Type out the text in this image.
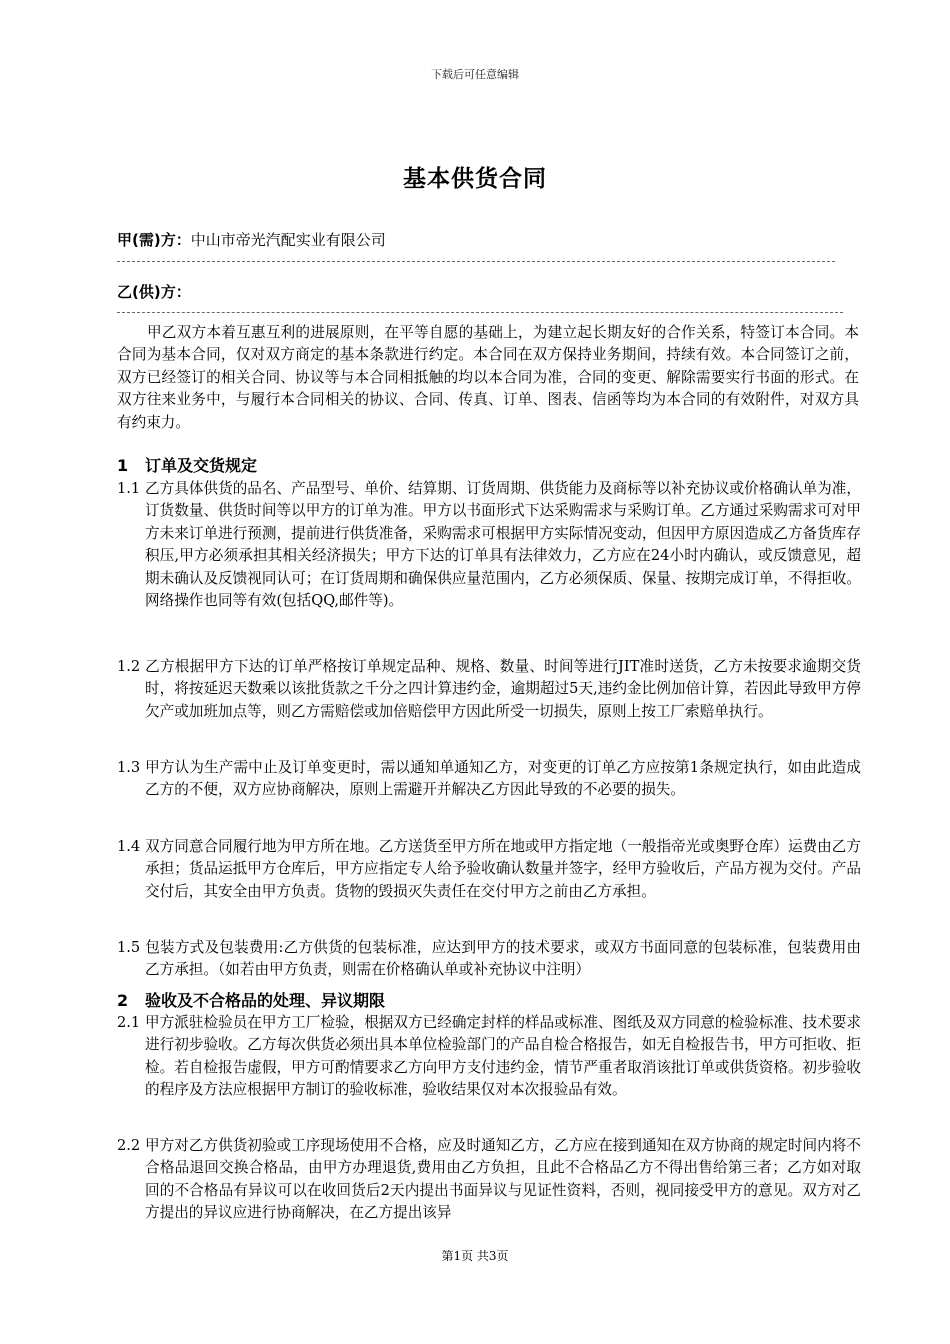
下载后可任意编辑
基本供货合同
甲(需)方：中山市帝光汽配实业有限公司
乙(供)方：
甲乙双方本着互惠互利的进展原则，在平等自愿的基础上，为建立起长期友好的合作关系，特签订本合同。本合同为基本合同，仅对双方商定的基本条款进行约定。本合同在双方保持业务期间，持续有效。本合同签订之前，双方已经签订的相关合同、协议等与本合同相抵触的均以本合同为准，合同的变更、解除需要实行书面的形式。在双方往来业务中，与履行本合同相关的协议、合同、传真、订单、图表、信函等均为本合同的有效附件，对双方具有约束力。
1 订单及交货规定
1.1 乙方具体供货的品名、产品型号、单价、结算期、订货周期、供货能力及商标等以补充协议或价格确认单为准，订货数量、供货时间等以甲方的订单为准。甲方以书面形式下达采购需求与采购订单。乙方通过采购需求可对甲方未来订单进行预测，提前进行供货准备，采购需求可根据甲方实际情况变动，但因甲方原因造成乙方备货库存积压,甲方必须承担其相关经济损失；甲方下达的订单具有法律效力，乙方应在24小时内确认，或反馈意见，超期未确认及反馈视同认可；在订货周期和确保供应量范围内，乙方必须保质、保量、按期完成订单，不得拒收。网络操作也同等有效(包括QQ,邮件等)。
1.2 乙方根据甲方下达的订单严格按订单规定品种、规格、数量、时间等进行JIT准时送货，乙方未按要求逾期交货时，将按延迟天数乘以该批货款之千分之四计算违约金，逾期超过5天,违约金比例加倍计算，若因此导致甲方停欠产或加班加点等，则乙方需赔偿或加倍赔偿甲方因此所受一切损失，原则上按工厂索赔单执行。
1.3 甲方认为生产需中止及订单变更时，需以通知单通知乙方，对变更的订单乙方应按第1条规定执行，如由此造成乙方的不便，双方应协商解决，原则上需避开并解决乙方因此导致的不必要的损失。
1.4 双方同意合同履行地为甲方所在地。乙方送货至甲方所在地或甲方指定地（一般指帝光或奥野仓库）运费由乙方承担；货品运抵甲方仓库后，甲方应指定专人给予验收确认数量并签字，经甲方验收后，产品方视为交付。产品交付后，其安全由甲方负责。货物的毁损灭失责任在交付甲方之前由乙方承担。
1.5 包装方式及包装费用:乙方供货的包装标准，应达到甲方的技术要求，或双方书面同意的包装标准，包装费用由乙方承担。（如若由甲方负责，则需在价格确认单或补充协议中注明）
2 验收及不合格品的处理、异议期限
2.1 甲方派驻检验员在甲方工厂检验，根据双方已经确定封样的样品或标准、图纸及双方同意的检验标准、技术要求进行初步验收。乙方每次供货必须出具本单位检验部门的产品自检合格报告，如无自检报告书，甲方可拒收、拒检。若自检报告虚假，甲方可酌情要求乙方向甲方支付违约金，情节严重者取消该批订单或供货资格。初步验收的程序及方法应根据甲方制订的验收标准，验收结果仅对本次报验品有效。
2.2 甲方对乙方供货初验或工序现场使用不合格，应及时通知乙方，乙方应在接到通知在双方协商的规定时间内将不合格品退回交换合格品，由甲方办理退货,费用由乙方负担，且此不合格品乙方不得出售给第三者；乙方如对取回的不合格品有异议可以在收回货后2天内提出书面异议与见证性资料，否则，视同接受甲方的意见。双方对乙方提出的异议应进行协商解决，在乙方提出该异
第1页 共3页
